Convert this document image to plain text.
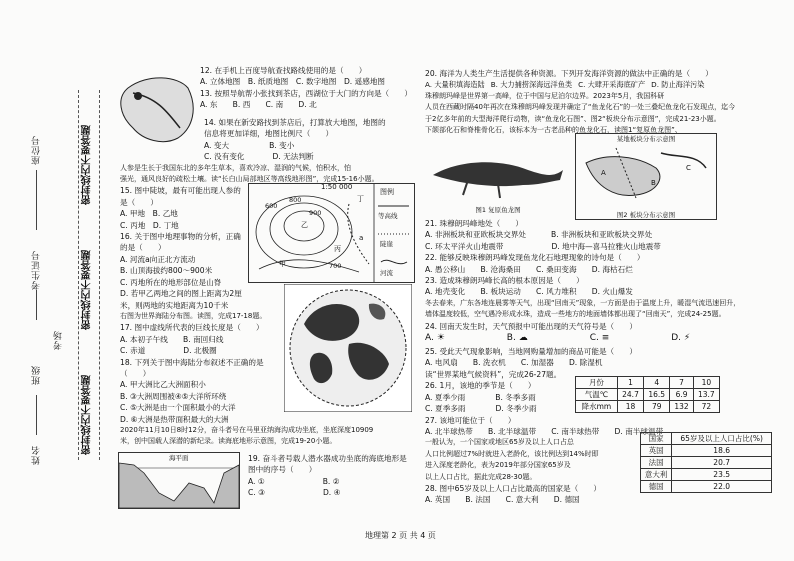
座位号
考生证号
考场
班级
姓名
密封线内不要答题
密封线内不要答题
密封线内不要答题
12. 在手机上百度导航查找路线使用的是（　　）
A. 立体地图　B. 纸质地图　C. 数字地图　D. 遥感地图
13. 按照导航帮小张找到茶店，西湖位于大门的方向是（　　）
A. 东　　B. 西　　C. 南　　D. 北
14. 如果在新安路找到茶店后，打算放大地图，地图的
信息将更加详细，地图比例尺（　　）
A. 变大	B. 变小
C. 没有变化	D. 无法判断
人参是生长于我国东北的多年生草本，喜欢冷凉、湿润的气候，怕积水，怕
强光，通风良好的疏松土壤。读“长白山局部地区等高线地形图”，完成15-16小题。
15. 图中陡坡，最有可能出现人参的
是（　　）
A. 甲地　B. 乙地
C. 丙地　D. 丁地
16. 关于图中地理事物的分析，正确
的是（　　）
A. 河流a向正北方流动
B. 山顶海拔约800～900米
C. 丙地所在的地形部位是山脊
D. 若甲乙两地之间的图上距离为2厘
米，则两地的实地距离为10千米
右图为世界海陆分布图。读图，完成17-18题。
17. 图中虚线所代表的巨线长度是（　　）
A. 本初子午线　　B. 南回归线
C. 赤道　　　　　D. 北极圈
18. 下列关于图中海陆分布叙述不正确的是
（　　）
A. 甲大洲比乙大洲面积小
B. ③大洲周围被④⑤大洋所环绕
C. ⑤大洲是由一个面积最小的大洋
D. ⑥大洲是热带面积最大的大洲
2020年11月10日8时12分，奋斗者号在马里亚纳海沟成功坐底，坐底深度10909
米，创中国载人深潜的新纪录。读海底地形示意图，完成19-20小题。
1:50 000
图例
等高线
陡崖
河流
甲
乙
丙
丁
a
600
900
800
700
海平面	19. 奋斗者号载人潜水器成功坐底的海底地形是
图中的序号（　　）
A. ①	B. ②
C. ③	D. ④
20. 海洋为人类生产生活提供各种资源。下列开发海洋资源的做法中正确的是（　　）
A. 大量积填海造陆 B. 大力捕捞深海远洋鱼类 C. 大肆开采海底矿产 D. 防止海洋污染
珠穆朗玛峰是世界第一高峰，位于中国与尼泊尔边界。2023年5月，我国科研
人员在西藏时隔40年再次在珠穆朗玛峰发现并确定了“鱼龙化石”的一处三叠纪鱼龙化石发现点，迄今
于2亿多年前的大型海洋爬行动物，读“鱼龙化石图”、图2“板块分布示意图”，完成21-23小题。
下颌部化石和脊椎骨化石，该标本为一古老品种的鱼龙化石，读图1“复原鱼龙图”、
图1 复原鱼龙图
某地板块分布示意图
A
B
C
图2 板块分布示意图
21. 珠穆朗玛峰地处（　　）
A. 非洲板块和亚欧板块交界处	B. 非洲板块和亚欧板块交界处
C. 环太平洋火山地震带	D. 地中海—喜马拉雅火山地震带
22. 能够反映珠穆朗玛峰发现鱼龙化石地理现象的诗句是（　　）
A. 愚公移山　　B. 沧海桑田　　C. 桑田变海　　D. 海枯石烂
23. 造成珠穆朗玛峰长高的根本原因是（　　）
A. 地壳变化　　B. 板块运动　　C. 风力堆积　　D. 火山爆发
冬去春来，广东各地连晨雾等天气，出现“回南天”现象，一方面是由于温度上升，暖湿气流迅速回升，
墙体温度较低，空气遇冷形成水珠，造成一些地方的地面墙体都出现了“回南天”，完成24-25题。
24. 回南天发生时，天气预报中可能出现的天气符号是（　　）
A. ☀	B. ☁	C. ≡	D. ⚡
25. 受此天气现象影响，当地网购量增加的商品可能是（　　）
A. 电风扇　　B. 洗衣机　　C. 加湿器　　D. 除湿机
读“世界某地气候资料”，完成26-27题。
26. 1月，该地的季节是（　　）
A. 夏季少雨	B. 冬季多雨
C. 夏季多雨	D. 冬季少雨
27. 该地可能位于（　　）
A. 北半球热带　　B. 北半球温带　　C. 南半球热带　　D. 南半球温带
一般认为，一个国家或地区65岁及以上人口占总
人口比例超过7%时就进入老龄化，该比例达到14%时即
进入深度老龄化，表为2019年部分国家65岁及
以上人口占比，据此完成28-30题。
28. 图中65岁及以上人口占比最高的国家是（　　）
A. 英国　　B. 法国　　C. 意大利　　D. 德国
月份	1	4	7	10
气温℃	24.7	16.5	6.9	13.7
降水mm	18	79	132	72
国家	65岁及以上人口占比(%)
英国	18.6
法国	20.7
意大利	23.5
德国	22.0
地理第 2 页 共 4 页
